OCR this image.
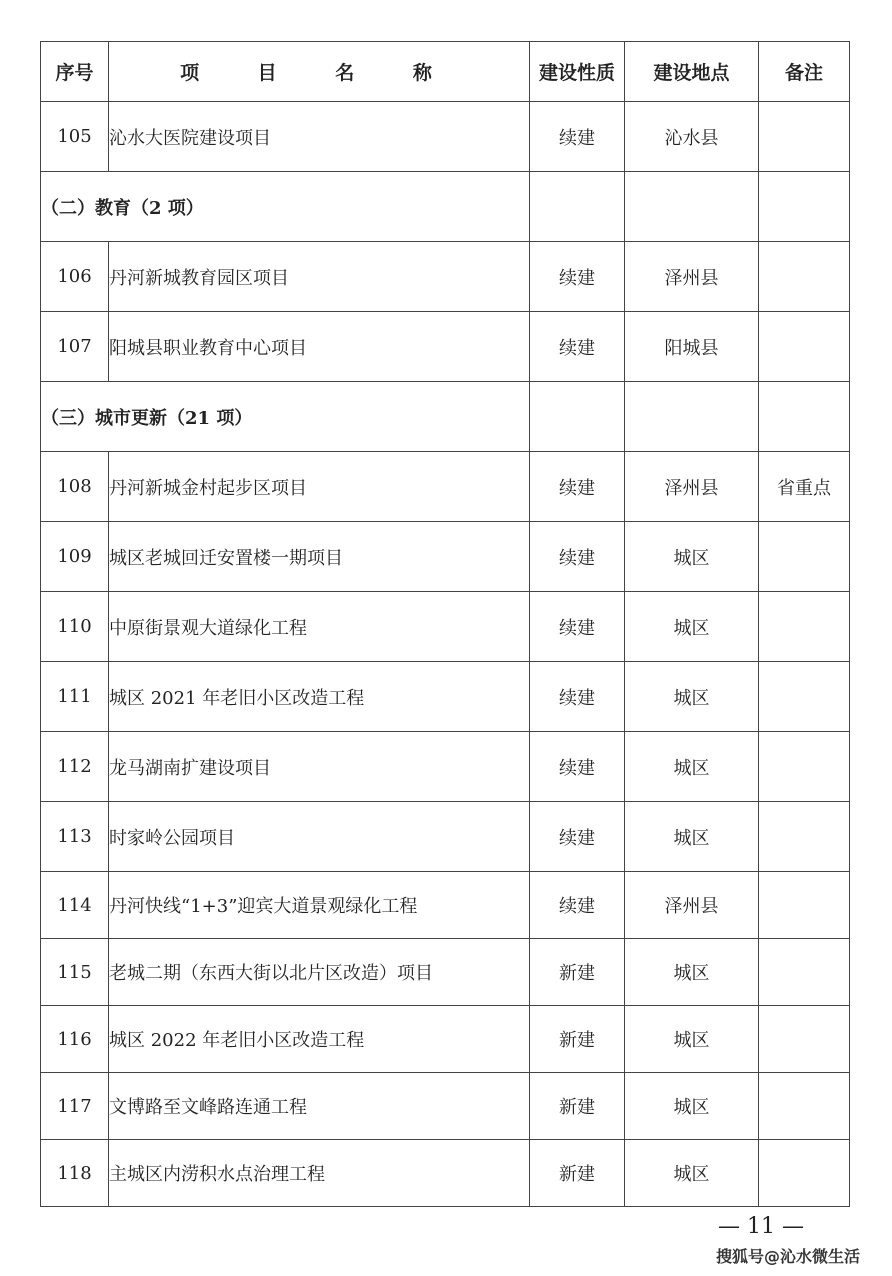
序号	项 目 名 称	建设性质	建设地点	备注
105	沁水大医院建设项目	续建	沁水县	
（二）教育（2 项）				
106	丹河新城教育园区项目	续建	泽州县	
107	阳城县职业教育中心项目	续建	阳城县	
（三）城市更新（21 项）				
108	丹河新城金村起步区项目	续建	泽州县	省重点
109	城区老城回迁安置楼一期项目	续建	城区	
110	中原街景观大道绿化工程	续建	城区	
111	城区 2021 年老旧小区改造工程	续建	城区	
112	龙马湖南扩建设项目	续建	城区	
113	时家岭公园项目	续建	城区	
114	丹河快线“1+3”迎宾大道景观绿化工程	续建	泽州县	
115	老城二期（东西大街以北片区改造）项目	新建	城区	
116	城区 2022 年老旧小区改造工程	新建	城区	
117	文博路至文峰路连通工程	新建	城区	
118	主城区内涝积水点治理工程	新建	城区	
— 11 —
搜狐号@沁水微生活
